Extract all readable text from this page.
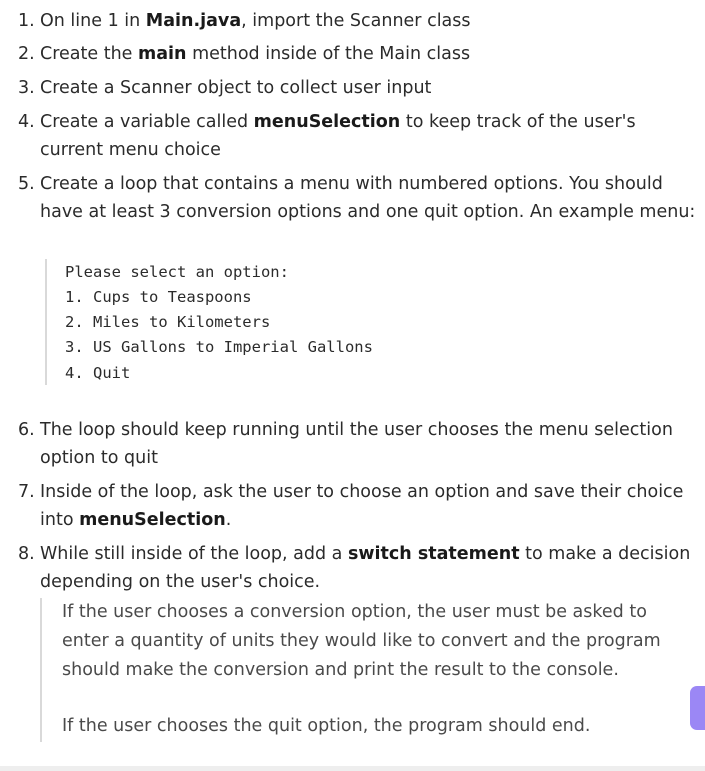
1. On line 1 in Main.java, import the Scanner class
2. Create the main method inside of the Main class
3. Create a Scanner object to collect user input
4. Create a variable called menuSelection to keep track of the user's current menu choice
5. Create a loop that contains a menu with numbered options. You should have at least 3 conversion options and one quit option. An example menu:
Please select an option:
1. Cups to Teaspoons
2. Miles to Kilometers
3. US Gallons to Imperial Gallons
4. Quit
6. The loop should keep running until the user chooses the menu selection option to quit
7. Inside of the loop, ask the user to choose an option and save their choice into menuSelection.
8. While still inside of the loop, add a switch statement to make a decision depending on the user's choice.
If the user chooses a conversion option, the user must be asked to enter a quantity of units they would like to convert and the program should make the conversion and print the result to the console.
If the user chooses the quit option, the program should end.
